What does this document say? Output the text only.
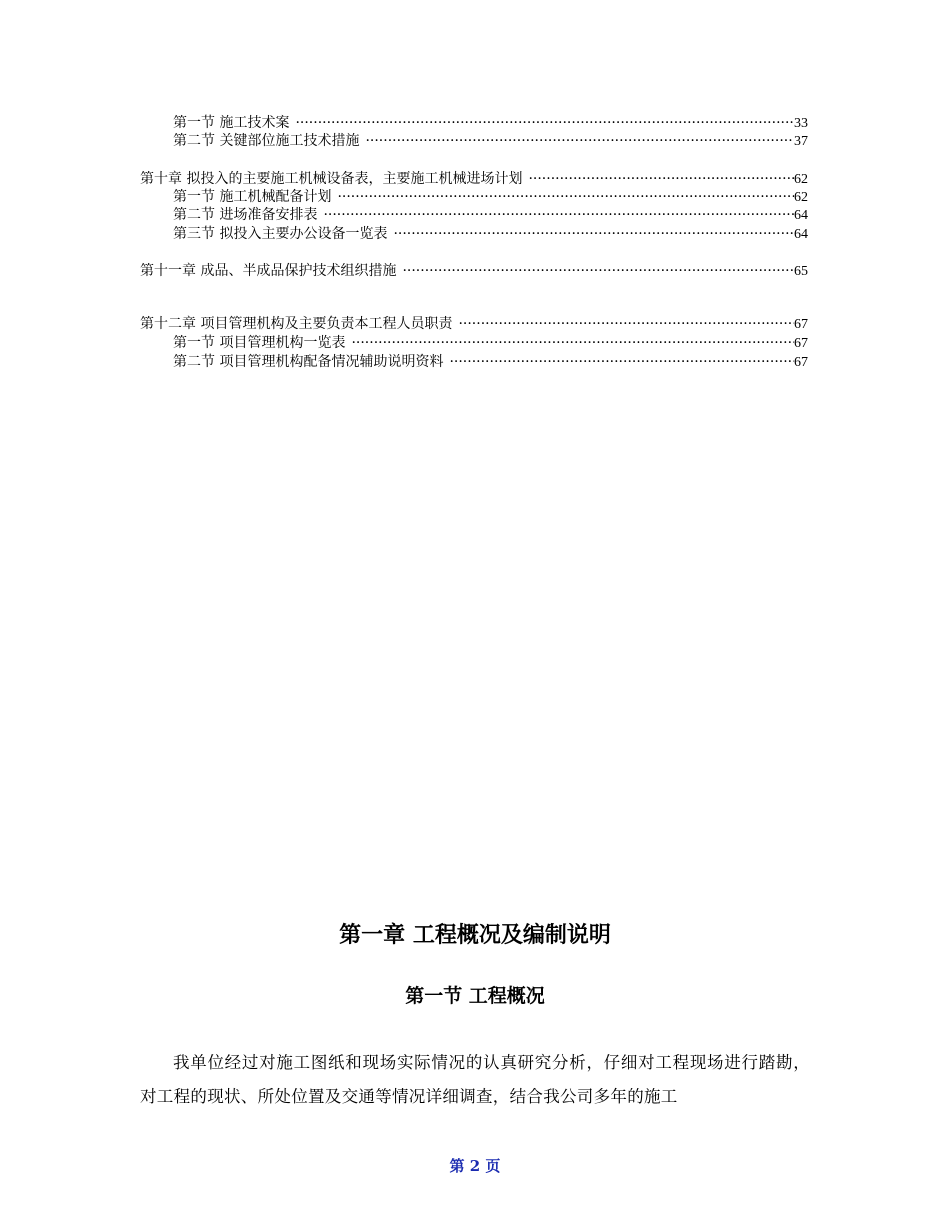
第一节 施工技术案 ·····	33
第二节 关键部位施工技术措施 ·····	37
第十章 拟投入的主要施工机械设备表，主要施工机械进场计划 ·····	62
第一节 施工机械配备计划 ·····	62
第二节 进场准备安排表 ·····	64
第三节 拟投入主要办公设备一览表 ·····	64
第十一章 成品、半成品保护技术组织措施 ·····	65
第十二章 项目管理机构及主要负责本工程人员职责 ·····	67
第一节 项目管理机构一览表 ·····	67
第二节 项目管理机构配备情况辅助说明资料 ·····	67
第一章 工程概况及编制说明
第一节 工程概况

我单位经过对施工图纸和现场实际情况的认真研究分析，仔细对工程现场进行踏勘，对工程的现状、所处位置及交通等情况详细调查，结合我公司多年的施工

第 2 页
